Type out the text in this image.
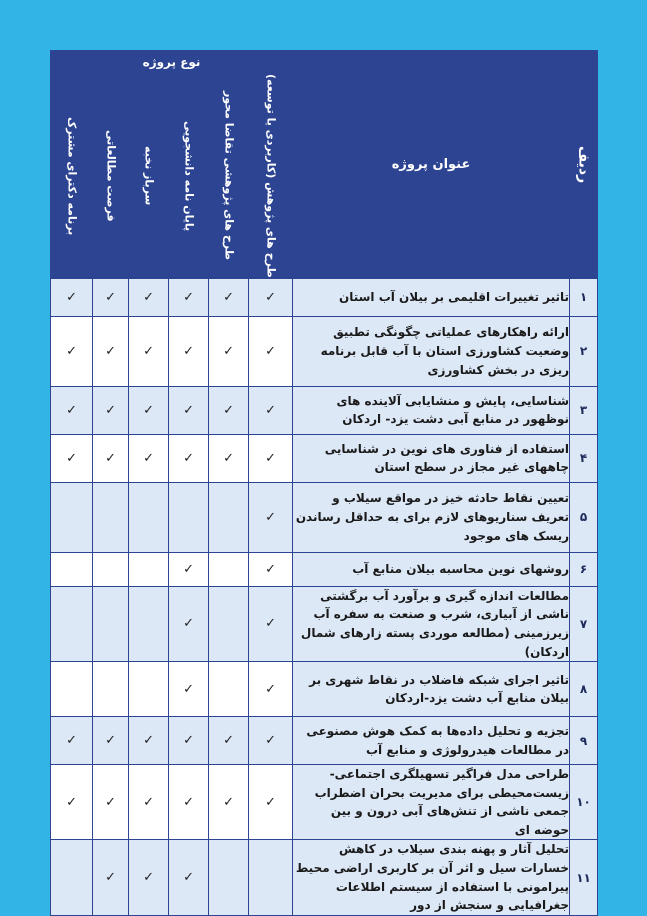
ردیف	عنوان پروژه	نوع پروژه					
		طرح های پژوهش (کاربردی یا توسعه)	طرح های پژوهشی تقاضا محور	پایان نامه دانشجویی	سرباز نخبه	فرصت مطالعاتی	برنامه دکترای مشترک
۱	تاثیر تغییرات اقلیمی بر بیلان آب استان	✓	✓	✓	✓	✓	✓
۲	ارائه راهکارهای عملیاتی چگونگی تطبیق وضعیت کشاورزی استان با آب قابل برنامه ریزی در بخش کشاورزی	✓	✓	✓	✓	✓	✓
۳	شناسایی، پایش و منشایابی آلاینده های نوظهور در منابع آبی دشت یزد- اردکان	✓	✓	✓	✓	✓	✓
۴	استفاده از فناوری های نوین در شناسایی چاههای غیر مجاز در سطح استان	✓	✓	✓	✓	✓	✓
۵	تعیین نقاط حادثه خیز در مواقع سیلاب و تعریف سناریوهای لازم برای به حداقل رساندن ریسک های موجود	✓					
۶	روشهای نوین محاسبه بیلان منابع آب	✓		✓			
۷	مطالعات اندازه گیری و برآورد آب برگشتی ناشی از آبیاری، شرب و صنعت به سفره آب زیرزمینی (مطالعه موردی پسته زارهای شمال اردکان)	✓		✓			
۸	تاثیر اجرای شبکه فاضلاب در نقاط شهری بر بیلان منابع آب دشت یزد-اردکان	✓		✓			
۹	تجزیه و تحلیل داده‌ها به کمک هوش مصنوعی در مطالعات هیدرولوژی و منابع آب	✓	✓	✓	✓	✓	✓
۱۰	طراحی مدل فراگیر تسهیلگری اجتماعی- زیست‌محیطی برای مدیریت بحران اضطراب جمعی ناشی از تنش‌های آبی درون و بین حوضه ای	✓	✓	✓	✓	✓	✓
۱۱	تحلیل آثار و پهنه بندی سیلاب در کاهش خسارات سیل و اثر آن بر کاربری اراضی محیط پیرامونی با استفاده از سیستم اطلاعات جغرافیایی و سنجش از دور			✓	✓	✓	
